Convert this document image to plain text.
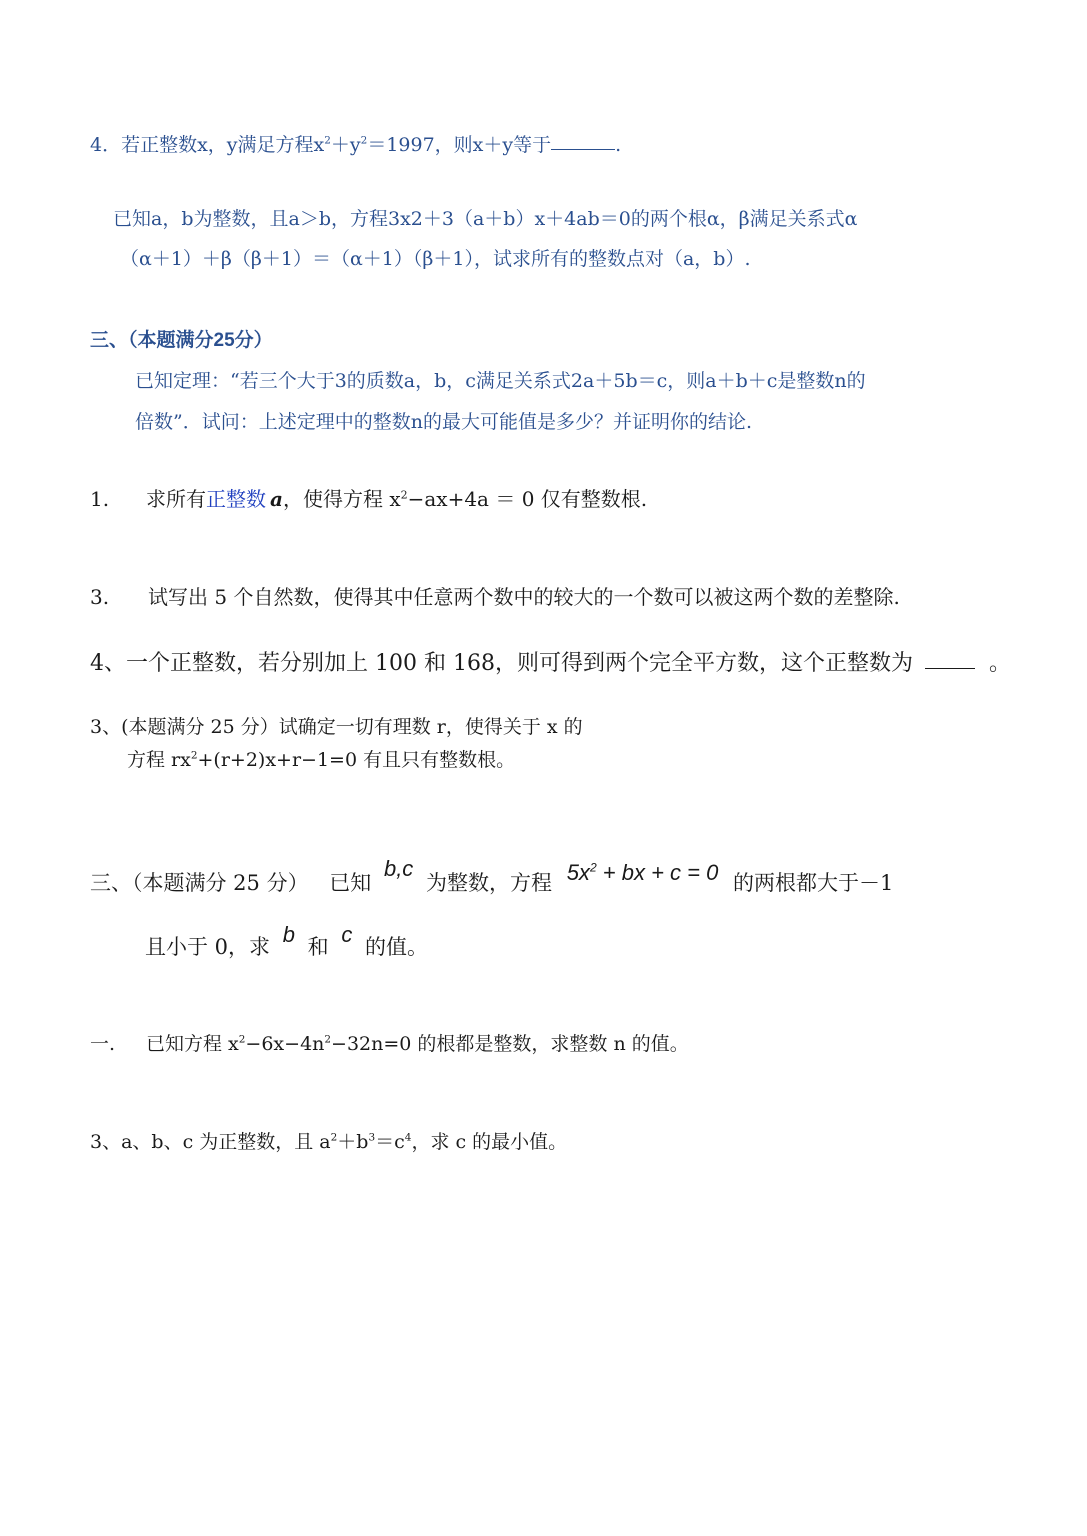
4．若正整数x，y满足方程$x^2+y^2=1997$，则x＋y等于	.
已知a，b为整数，且a＞b，方程3x2＋3（a＋b）x＋4ab＝0的两个根α，β满足关系式α
（α＋1）＋β（β＋1）＝（α＋1）（β＋1），试求所有的整数点对（a，b）.
三、（本题满分25分）
已知定理：“若三个大于3的质数a，b，c满足关系式2a＋5b＝c，则a＋b＋c是整数n的
倍数”．试问：上述定理中的整数n的最大可能值是多少？并证明你的结论.
1. 求所有正整数 a，使得方程 $x^2-ax+4a = 0$ 仅有整数根.
3. 试写出 5 个自然数，使得其中任意两个数中的较大的一个数可以被这两个数的差整除.
4、一个正整数，若分别加上 100 和 168，则可得到两个完全平方数，这个正整数为	。
3、(本题满分 25 分）试确定一切有理数 r，使得关于 x 的
方程 $rx^2+(r+2)x+r-1=0$ 有且只有整数根。
三、（本题满分 25 分） 已知 b,c 为整数，方程 $5x^2$ + bx + c = 0 的两根都大于－1
且小于 0，求 b 和 c 的值。
一. 已知方程 $x^2-6x-4n^2-32n=0$ 的根都是整数，求整数 n 的值。
3、a、b、c 为正整数，且 $a^2+b^3=c^4$，求 c 的最小值。
